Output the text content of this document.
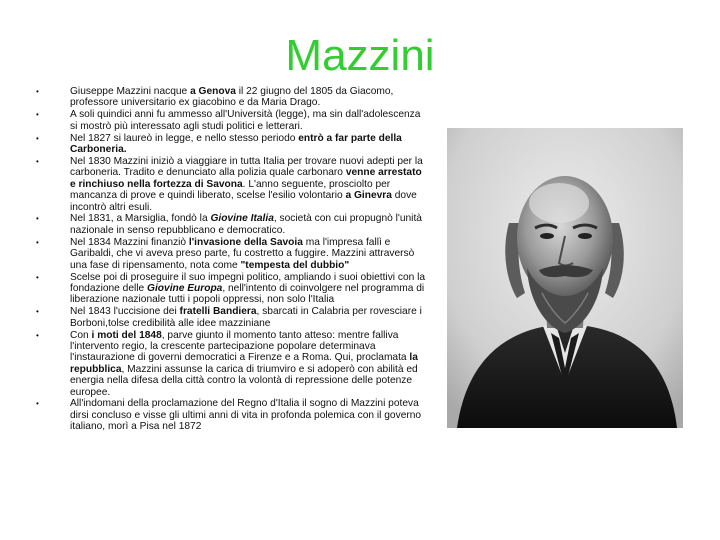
Mazzini
•	Giuseppe Mazzini nacque a Genova il 22 giugno del 1805 da Giacomo, professore universitario ex giacobino e da Maria Drago.
•	A soli quindici anni fu ammesso all'Università (legge), ma sin dall'adolescenza si mostrò più interessato agli studi politici e letterari.
•	Nel 1827 si laureò in legge, e nello stesso periodo entrò a far parte della Carboneria.
•	Nel 1830 Mazzini iniziò a viaggiare in tutta Italia per trovare nuovi adepti per la carboneria. Tradito e denunciato alla polizia quale carbonaro venne arrestato e rinchiuso nella fortezza di Savona. L'anno seguente, prosciolto per mancanza di prove e quindi liberato, scelse l'esilio volontario a Ginevra dove incontrò altri esuli.
•	Nel 1831, a Marsiglia, fondò la Giovine Italia, società con cui propugnò l'unità nazionale in senso repubblicano e democratico.
•	Nel 1834 Mazzini finanziò l'invasione della Savoia ma l'impresa fallì e Garibaldi, che vi aveva preso parte, fu costretto a fuggire. Mazzini attraversò una fase di ripensamento, nota come "tempesta del dubbio"
•	Scelse poi di proseguire il suo impegni politico, ampliando i suoi obiettivi con la fondazione delle Giovine Europa, nell'intento di coinvolgere nel programma di liberazione nazionale tutti i popoli oppressi, non solo l'Italia
•	Nel 1843 l'uccisione dei fratelli Bandiera, sbarcati in Calabria per rovesciare i Borboni,tolse credibilità alle idee mazziniane
•	Con i moti del 1848, parve giunto il momento tanto atteso: mentre falliva l'intervento regio, la crescente partecipazione popolare determinava l'instaurazione di governi democratici a Firenze e a Roma. Qui, proclamata la repubblica, Mazzini assunse la carica di triumviro e si adoperò con abilità ed energia nella difesa della città contro la volontà di repressione delle potenze europee.
•	All'indomani della proclamazione del Regno d'Italia il sogno di Mazzini poteva dirsi concluso e visse gli ultimi anni di vita in profonda polemica con il governo italiano, morì a Pisa nel 1872
